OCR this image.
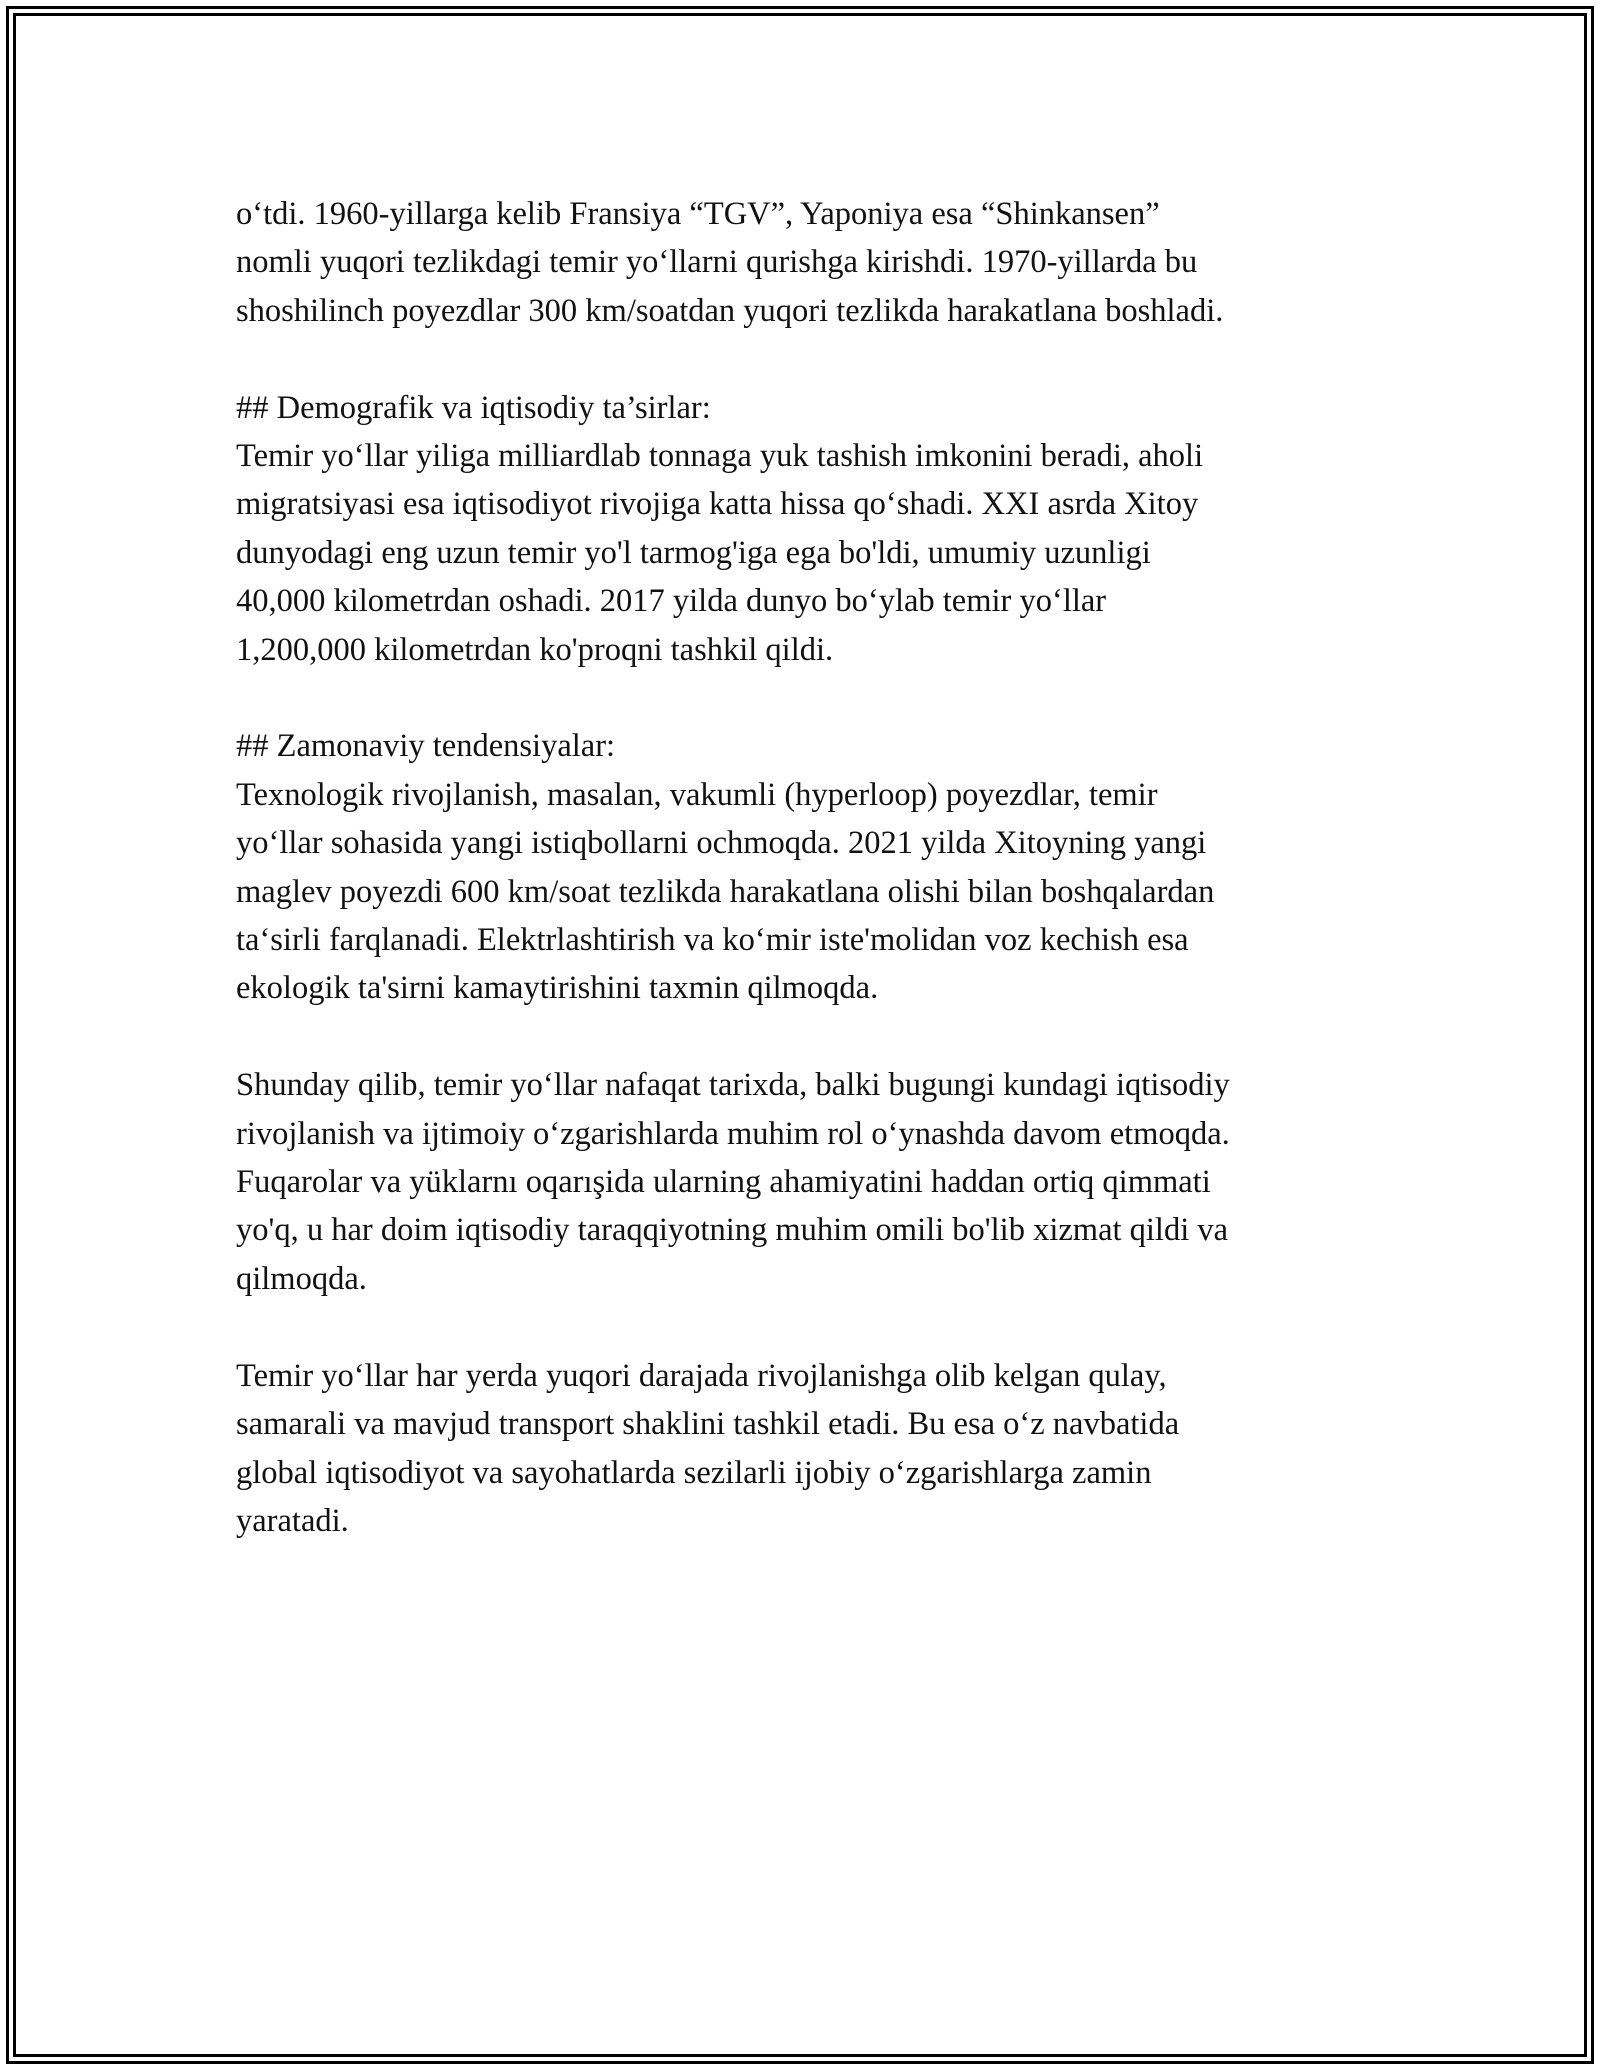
o‘tdi. 1960-yillarga kelib Fransiya “TGV”, Yaponiya esa “Shinkansen”
nomli yuqori tezlikdagi temir yo‘llarni qurishga kirishdi. 1970-yillarda bu
shoshilinch poyezdlar 300 km/soatdan yuqori tezlikda harakatlana boshladi.

## Demografik va iqtisodiy ta’sirlar:

Temir yo‘llar yiliga milliardlab tonnaga yuk tashish imkonini beradi, aholi
migratsiyasi esa iqtisodiyot rivojiga katta hissa qo‘shadi. XXI asrda Xitoy
dunyodagi eng uzun temir yo'l tarmog'iga ega bo'ldi, umumiy uzunligi
40,000 kilometrdan oshadi. 2017 yilda dunyo bo‘ylab temir yo‘llar
1,200,000 kilometrdan ko'proqni tashkil qildi.

## Zamonaviy tendensiyalar:

Texnologik rivojlanish, masalan, vakumli (hyperloop) poyezdlar, temir
yo‘llar sohasida yangi istiqbollarni ochmoqda. 2021 yilda Xitoyning yangi
maglev poyezdi 600 km/soat tezlikda harakatlana olishi bilan boshqalardan
ta‘sirli farqlanadi. Elektrlashtirish va ko‘mir iste'molidan voz kechish esa
ekologik ta'sirni kamaytirishini taxmin qilmoqda.

Shunday qilib, temir yo‘llar nafaqat tarixda, balki bugungi kundagi iqtisodiy
rivojlanish va ijtimoiy o‘zgarishlarda muhim rol o‘ynashda davom etmoqda.
Fuqarolar va yüklarnı oqarışida ularning ahamiyatini haddan ortiq qimmati
yo'q, u har doim iqtisodiy taraqqiyotning muhim omili bo'lib xizmat qildi va
qilmoqda.

Temir yo‘llar har yerda yuqori darajada rivojlanishga olib kelgan qulay,
samarali va mavjud transport shaklini tashkil etadi. Bu esa o‘z navbatida
global iqtisodiyot va sayohatlarda sezilarli ijobiy o‘zgarishlarga zamin
yaratadi.
